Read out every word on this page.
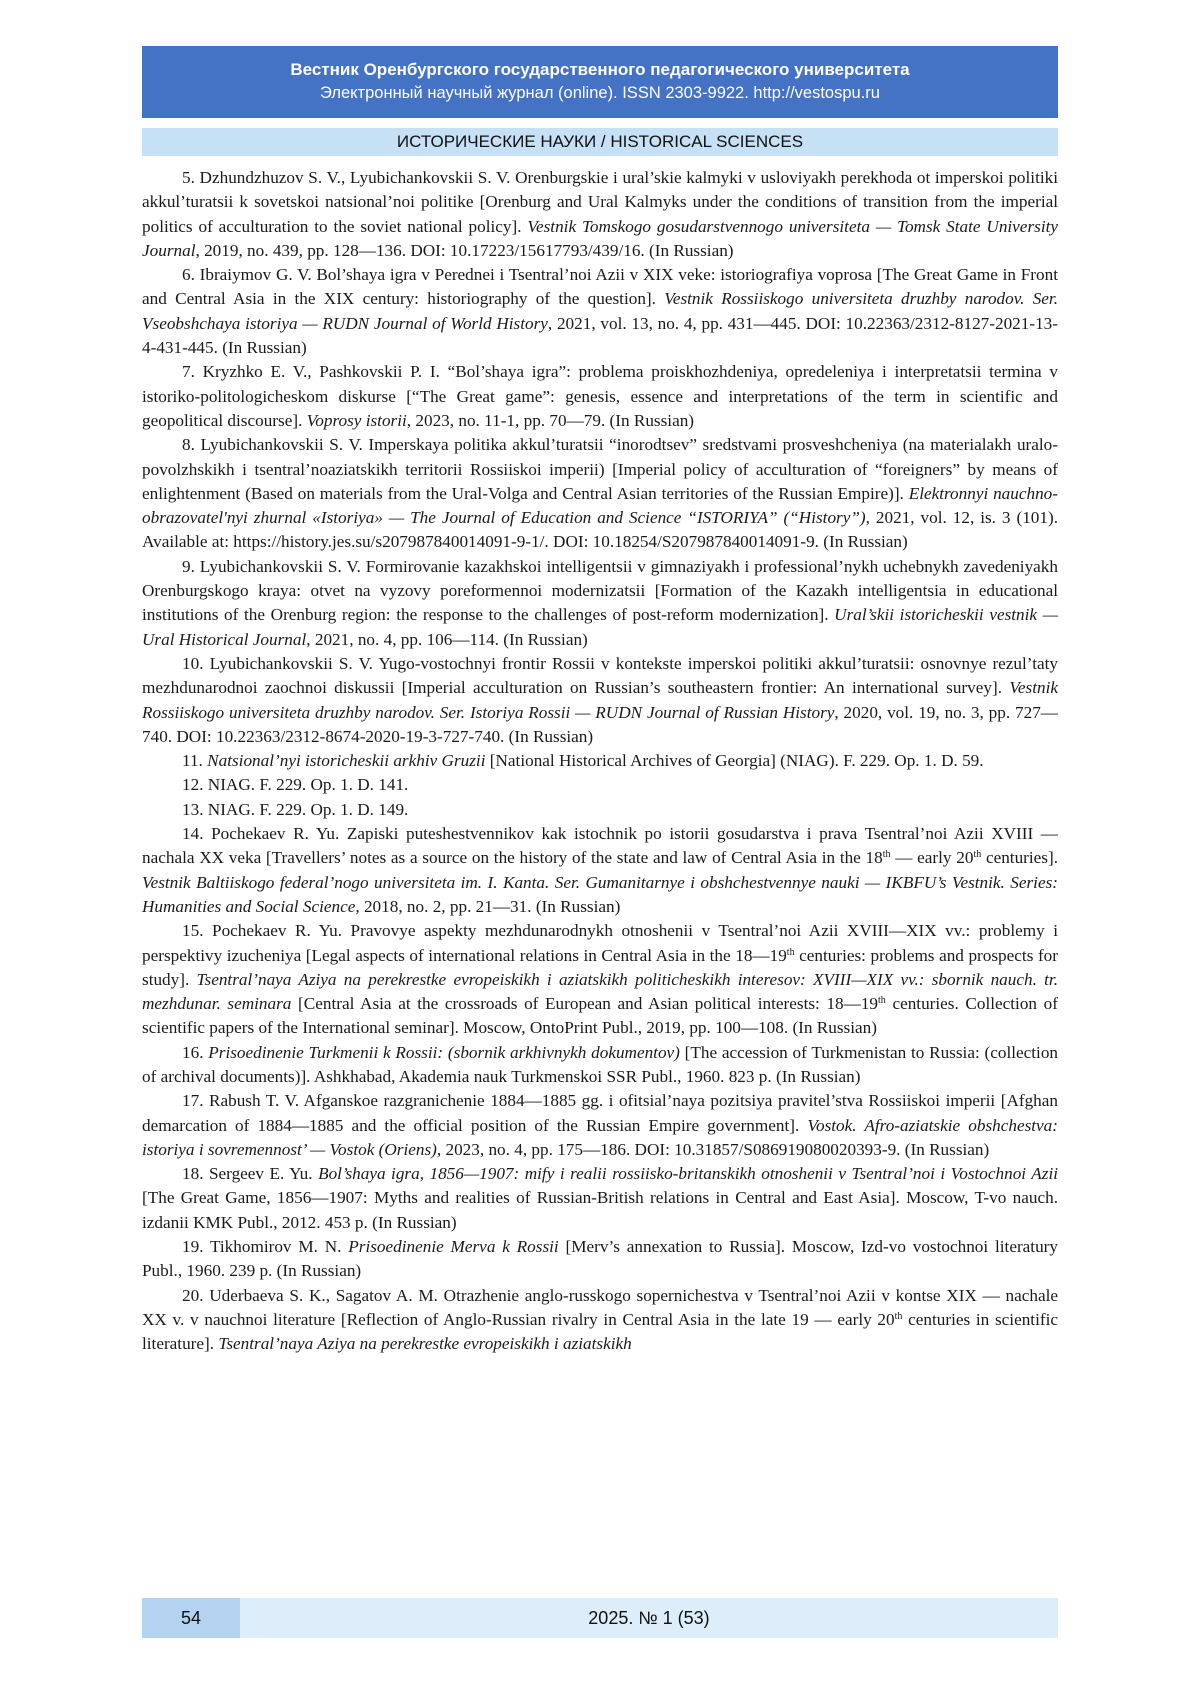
Вестник Оренбургского государственного педагогического университета
Электронный научный журнал (online). ISSN 2303-9922. http://vestospu.ru
ИСТОРИЧЕСКИЕ НАУКИ / HISTORICAL SCIENCES

5. Dzhundzhuzov S. V., Lyubichankovskii S. V. Orenburgskie i ural’skie kalmyki v usloviyakh perekhoda ot imperskoi politiki akkul’turatsii k sovetskoi natsional’noi politike [Orenburg and Ural Kalmyks under the conditions of transition from the imperial politics of acculturation to the soviet national policy]. Vestnik Tomskogo gosudarstvennogo universiteta — Tomsk State University Journal, 2019, no. 439, pp. 128—136. DOI: 10.17223/15617793/439/16. (In Russian)

6. Ibraiymov G. V. Bol’shaya igra v Perednei i Tsentral’noi Azii v XIX veke: istoriografiya voprosa [The Great Game in Front and Central Asia in the XIX century: historiography of the question]. Vestnik Rossiiskogo universiteta druzhby narodov. Ser. Vseobshchaya istoriya — RUDN Journal of World History, 2021, vol. 13, no. 4, pp. 431—445. DOI: 10.22363/2312-8127-2021-13-4-431-445. (In Russian)

7. Kryzhko E. V., Pashkovskii P. I. “Bol’shaya igra”: problema proiskhozhdeniya, opredeleniya i interpretatsii termina v istoriko-politologicheskom diskurse [“The Great game”: genesis, essence and interpretations of the term in scientific and geopolitical discourse]. Voprosy istorii, 2023, no. 11-1, pp. 70—79. (In Russian)

8. Lyubichankovskii S. V. Imperskaya politika akkul’turatsii “inorodtsev” sredstvami prosveshcheniya (na materialakh uralo-povolzhskikh i tsentral’noaziatskikh territorii Rossiiskoi imperii) [Imperial policy of acculturation of “foreigners” by means of enlightenment (Based on materials from the Ural-Volga and Central Asian territories of the Russian Empire)]. Elektronnyi nauchno-obrazovatel'nyi zhurnal «Istoriya» — The Journal of Education and Science “ISTORIYA” (“History”), 2021, vol. 12, is. 3 (101). Available at: https://history.jes.su/s207987840014091-9-1/. DOI: 10.18254/S207987840014091-9. (In Russian)

9. Lyubichankovskii S. V. Formirovanie kazakhskoi intelligentsii v gimnaziyakh i professional’nykh uchebnykh zavedeniyakh Orenburgskogo kraya: otvet na vyzovy poreformennoi modernizatsii [Formation of the Kazakh intelligentsia in educational institutions of the Orenburg region: the response to the challenges of post-reform modernization]. Ural’skii istoricheskii vestnik — Ural Historical Journal, 2021, no. 4, pp. 106—114. (In Russian)

10. Lyubichankovskii S. V. Yugo-vostochnyi frontir Rossii v kontekste imperskoi politiki akkul’turatsii: osnovnye rezul’taty mezhdunarodnoi zaochnoi diskussii [Imperial acculturation on Russian’s southeastern frontier: An international survey]. Vestnik Rossiiskogo universiteta druzhby narodov. Ser. Istoriya Rossii — RUDN Journal of Russian History, 2020, vol. 19, no. 3, pp. 727—740. DOI: 10.22363/2312-8674-2020-19-3-727-740. (In Russian)

11. Natsional’nyi istoricheskii arkhiv Gruzii [National Historical Archives of Georgia] (NIAG). F. 229. Op. 1. D. 59.

12. NIAG. F. 229. Op. 1. D. 141.

13. NIAG. F. 229. Op. 1. D. 149.

14. Pochekaev R. Yu. Zapiski puteshestvennikov kak istochnik po istorii gosudarstva i prava Tsentral’noi Azii XVIII — nachala XX veka [Travellers’ notes as a source on the history of the state and law of Central Asia in the 18th — early 20th centuries]. Vestnik Baltiiskogo federal’nogo universiteta im. I. Kanta. Ser. Gumanitarnye i obshchestvennye nauki — IKBFU’s Vestnik. Series: Humanities and Social Science, 2018, no. 2, pp. 21—31. (In Russian)

15. Pochekaev R. Yu. Pravovye aspekty mezhdunarodnykh otnoshenii v Tsentral’noi Azii XVIII—XIX vv.: problemy i perspektivy izucheniya [Legal aspects of international relations in Central Asia in the 18—19th centuries: problems and prospects for study]. Tsentral’naya Aziya na perekrestke evropeiskikh i aziatskikh politicheskikh interesov: XVIII—XIX vv.: sbornik nauch. tr. mezhdunar. seminara [Central Asia at the crossroads of European and Asian political interests: 18—19th centuries. Collection of scientific papers of the International seminar]. Moscow, OntoPrint Publ., 2019, pp. 100—108. (In Russian)

16. Prisoedinenie Turkmenii k Rossii: (sbornik arkhivnykh dokumentov) [The accession of Turkmenistan to Russia: (collection of archival documents)]. Ashkhabad, Akademia nauk Turkmenskoi SSR Publ., 1960. 823 p. (In Russian)

17. Rabush T. V. Afganskoe razgranichenie 1884—1885 gg. i ofitsial’naya pozitsiya pravitel’stva Rossiiskoi imperii [Afghan demarcation of 1884—1885 and the official position of the Russian Empire government]. Vostok. Afro-aziatskie obshchestva: istoriya i sovremennost’ — Vostok (Oriens), 2023, no. 4, pp. 175—186. DOI: 10.31857/S086919080020393-9. (In Russian)

18. Sergeev E. Yu. Bol’shaya igra, 1856—1907: mify i realii rossiisko-britanskikh otnoshenii v Tsentral’noi i Vostochnoi Azii [The Great Game, 1856—1907: Myths and realities of Russian-British relations in Central and East Asia]. Moscow, T-vo nauch. izdanii KMK Publ., 2012. 453 p. (In Russian)

19. Tikhomirov M. N. Prisoedinenie Merva k Rossii [Merv’s annexation to Russia]. Moscow, Izd-vo vostochnoi literatury Publ., 1960. 239 p. (In Russian)

20. Uderbaeva S. K., Sagatov A. M. Otrazhenie anglo-russkogo sopernichestva v Tsentral’noi Azii v kontse XIX — nachale XX v. v nauchnoi literature [Reflection of Anglo-Russian rivalry in Central Asia in the late 19 — early 20th centuries in scientific literature]. Tsentral’naya Aziya na perekrestke evropeiskikh i aziatskikh

54	2025. № 1 (53)
